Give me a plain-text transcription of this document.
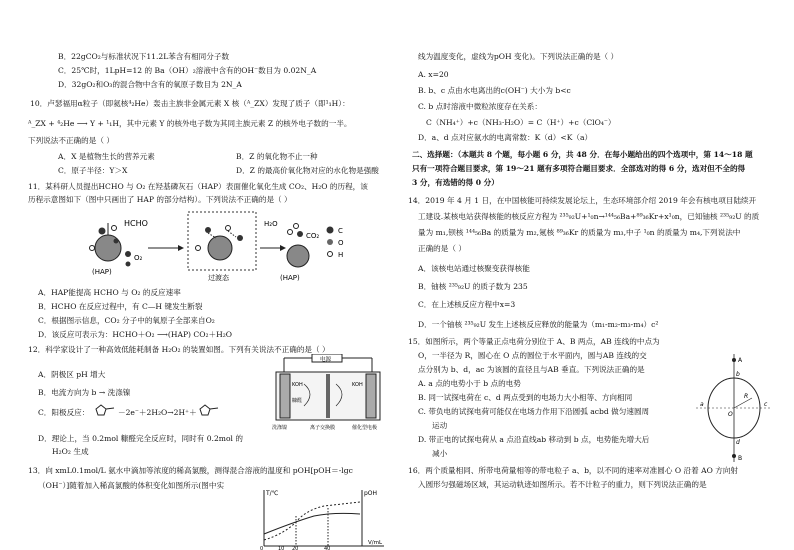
B．22gCO₂与标准状况下11.2L苯含有相同分子数
C．25℃时，1LpH=12 的 Ba（OH）₂溶液中含有的OH⁻数目为 0.02N_A
D．32gO₂和O₃的混合物中含有的氧原子数目为 2N_A
10．卢瑟福用α粒子（即氦核⁴₂He）轰击主族非金属元素 X 核（ᴬ_ZX）发现了质子（即¹₁H）：
ᴬ_ZX + ⁴₂He ⟶ Y + ¹₁H，其中元素 Y 的核外电子数为其同主族元素 Z 的核外电子数的一半。
下列说法不正确的是（ ）
A．X 是植物生长的营养元素	B．Z 的氧化物不止一种
C．原子半径：Y＞X	D．Z 的最高价氧化物对应的水化物是强酸
11．某科研人员提出HCHO 与 O₂ 在羟基磷灰石（HAP）表面催化氧化生成 CO₂、H₂O 的历程，该
历程示意图如下（图中只画出了 HAP 的部分结构）。下列说法不正确的是（ ）
HCHO
O₂
(HAP)
过渡态
H₂O
CO₂
(HAP)
C
O
H
A．HAP能提高 HCHO 与 O₂ 的反应速率
B．HCHO 在反应过程中，有 C—H 键发生断裂
C．根据图示信息，CO₂ 分子中的氧原子全部来自O₂
D．该反应可表示为：HCHO＋O₂ ⟶(HAP) CO₂＋H₂O
12．科学家设计了一种高效低能耗制备 H₂O₂ 的装置如图。下列有关说法不正确的是（ ）
A．阴极区 pH 增大
B．电流方向为 b → 洗涤镍
C．阳极反应：	－2e⁻＋2H₂O→2H⁺＋
D．理论上，当 0.2mol 糠醛完全反应时，同时有 0.2mol 的
H₂O₂ 生成
电源
KOH
糠醛
KOH
洗涤镍	离子交换膜	催化型电极
13．向 xmL0.1mol/L 氨水中滴加等浓度的稀高氯酸，测得混合溶液的温度和 pOH[pOH＝-lgc
（OH⁻）]随着加入稀高氯酸的体积变化如图所示(图中实
T/℃	pOH
V/mL
0	10 20	40
线为温度变化，虚线为pOH 变化)。下列说法正确的是（ ）
A. x=20
B. b、c 点由水电离出的c(OH⁻) 大小为 b<c
C. b 点时溶液中微粒浓度存在关系：
C（NH₄⁺）+c（NH₃·H₂O）= C（H⁺）+c（ClO₄⁻）
D．a、d 点对应氨水的电离常数：K（d）<K（a）
二、选择题：（本题共 8 个题，每小题 6 分，共 48 分．在每小题给出的四个选项中，第 14～18 题
只有一项符合题目要求，第 19～21 题有多项符合题目要求．全部选对的得 6 分，选对但不全的得
3 分，有选错的得 0 分）
14．2019 年 4 月 1 日，在中国核能可持续发展论坛上，生态环境部介绍 2019 年会有核电项目陆续开
工建设.某核电站获得核能的核反应方程为 ²³⁵₉₂U+¹₀n→¹⁴⁴₅₆Ba+⁸⁹₃₆Kr+x¹₀n，已知铀核 ²³⁵₉₂U 的质
量为 m₁,钡核 ¹⁴⁴₅₆Ba 的质量为 m₂,氪核 ⁸⁹₃₆Kr 的质量为 m₃,中子 ¹₀n 的质量为 m₄,下列说法中
正确的是（ ）
A．该核电站通过核聚变获得核能
B．铀核 ²³⁵₉₂U 的质子数为 235
C．在上述核反应方程中x=3
D．一个铀核 ²³⁵₉₂U 发生上述核反应释放的能量为（m₁-m₂-m₃-m₄）c²
15．如图所示，两个等量正点电荷分别位于 A、B 两点，AB 连线的中点为
O，一半径为 R，圆心在 O 点的圆位于水平面内，圆与AB 连线的交
点分别为 b、d，ac 为该圆的直径且与AB 垂直。下列说法正确的是
A. a 点的电势小于 b 点的电势
B. 同一试探电荷在 c、d 两点受到的电场力大小相等、方向相同
C. 带负电的试探电荷可能仅在电场力作用下沿圆弧 acbd 做匀速圆周
运动
D. 带正电的试探电荷从 a 点沿直线ab 移动到 b 点，电势能先增大后
减小
A
B
a	c
b
d
O
R
16．两个质量相同、所带电荷量相等的带电粒子 a、b，以不同的速率对准圆心 O 沿着 AO 方向射
入圆形匀强磁场区域，其运动轨迹如图所示。若不计粒子的重力，则下列说法正确的是
